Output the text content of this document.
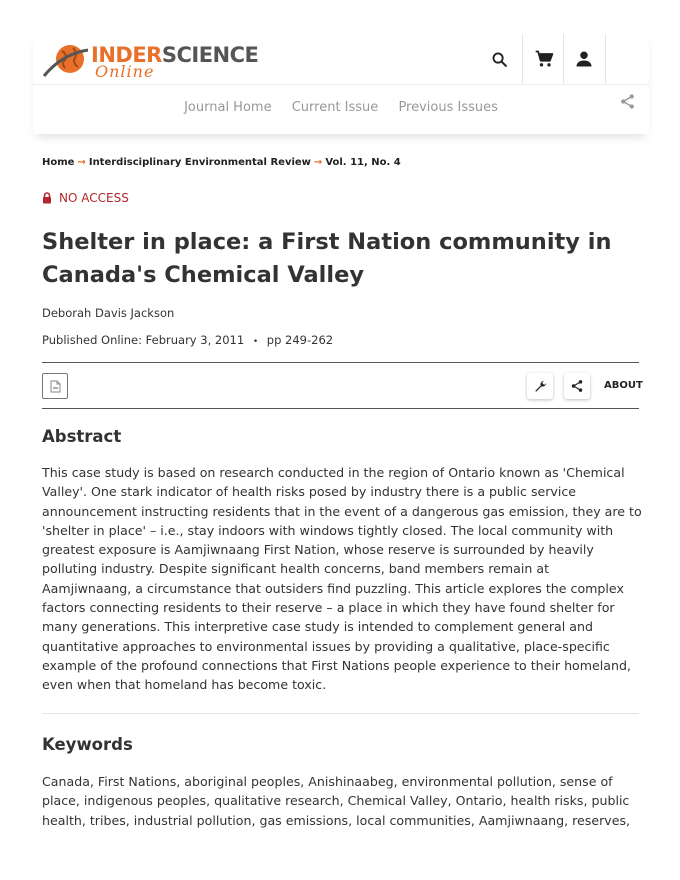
INDERSCIENCE
Online
Journal Home Current Issue Previous Issues
Home → Interdisciplinary Environmental Review → Vol. 11, No. 4
NO ACCESS
Shelter in place: a First Nation community in Canada's Chemical Valley
Deborah Davis Jackson
Published Online: February 3, 2011 • pp 249-262
ABOUT
Abstract

This case study is based on research conducted in the region of Ontario known as 'Chemical Valley'. One stark indicator of health risks posed by industry there is a public service announcement instructing residents that in the event of a dangerous gas emission, they are to 'shelter in place' – i.e., stay indoors with windows tightly closed. The local community with greatest exposure is Aamjiwnaang First Nation, whose reserve is surrounded by heavily polluting industry. Despite significant health concerns, band members remain at Aamjiwnaang, a circumstance that outsiders find puzzling. This article explores the complex factors connecting residents to their reserve – a place in which they have found shelter for many generations. This interpretive case study is intended to complement general and quantitative approaches to environmental issues by providing a qualitative, place-specific example of the profound connections that First Nations people experience to their homeland, even when that homeland has become toxic.

Keywords

Canada, First Nations, aboriginal peoples, Anishinaabeg, environmental pollution, sense of place, indigenous peoples, qualitative research, Chemical Valley, Ontario, health risks, public health, tribes, industrial pollution, gas emissions, local communities, Aamjiwnaang, reserves,
